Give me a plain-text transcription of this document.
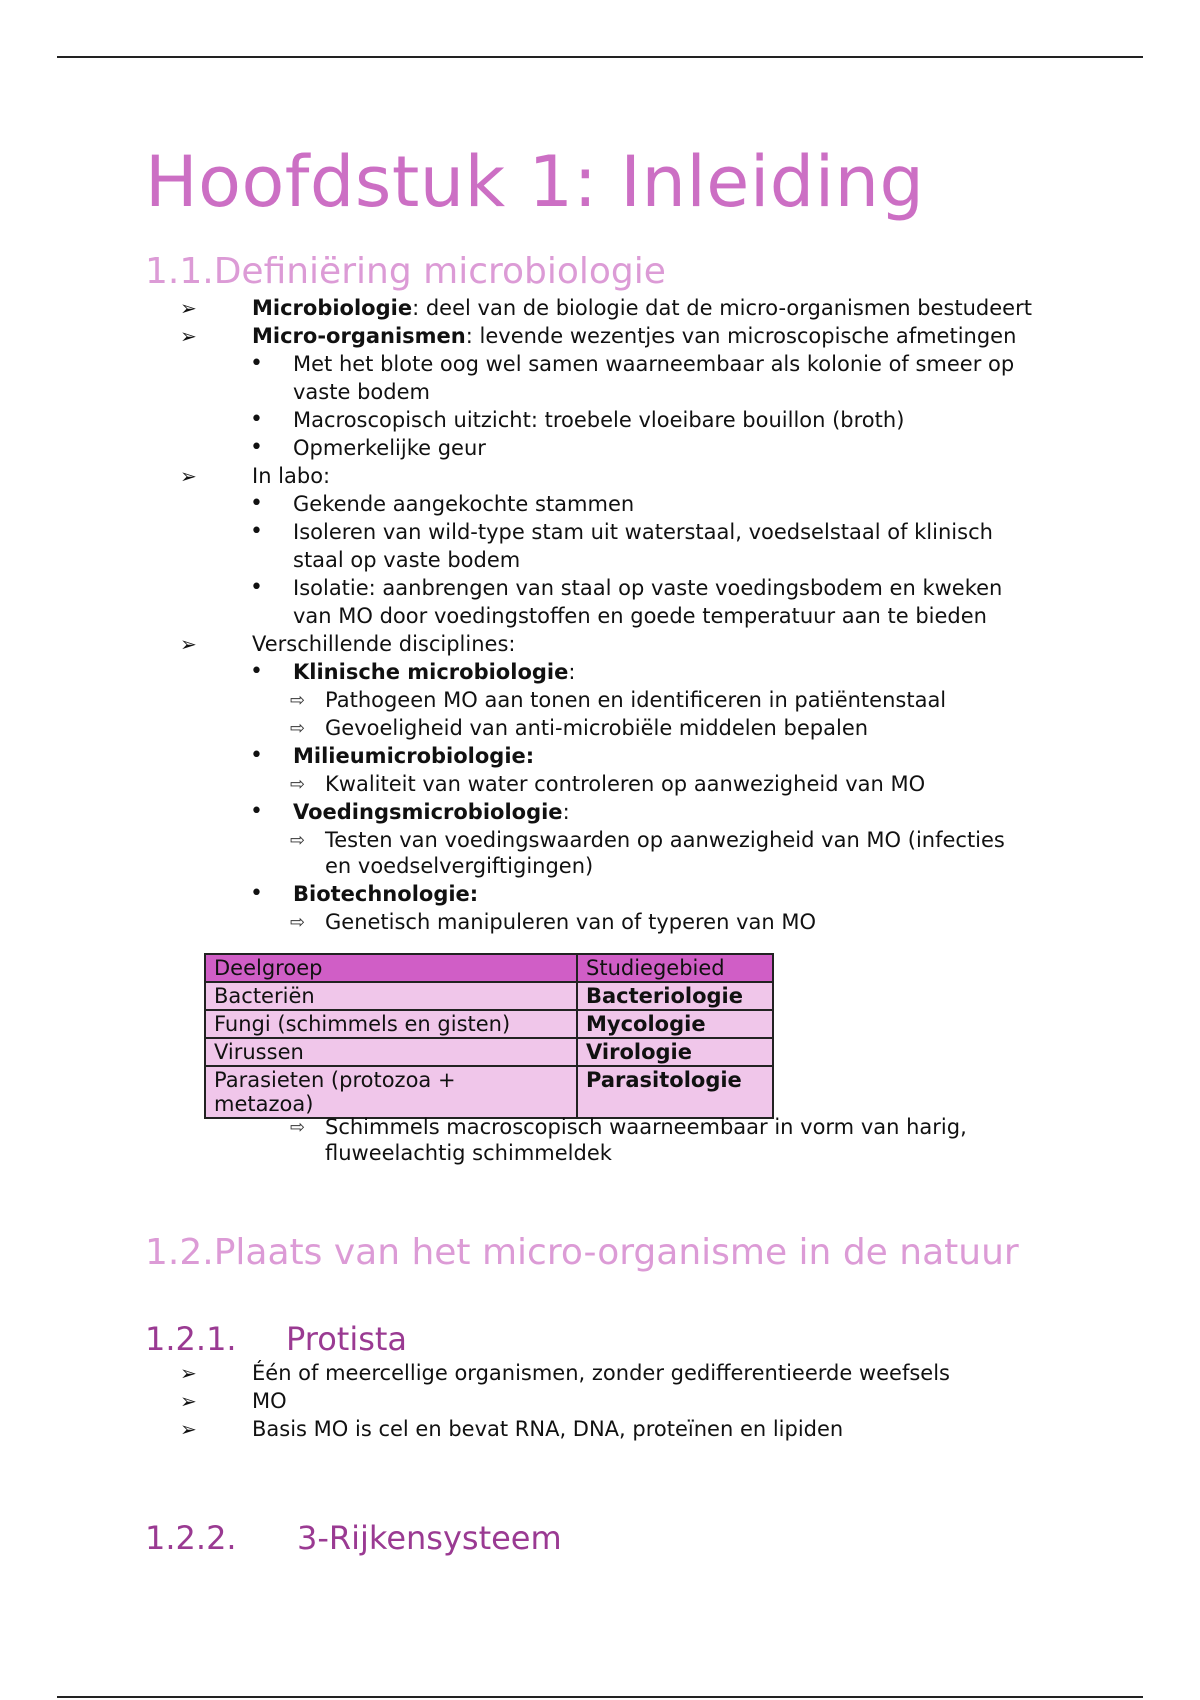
Hoofdstuk 1: Inleiding
1.1.Definiëring microbiologie
➢	Microbiologie: deel van de biologie dat de micro-organismen bestudeert
➢	Micro-organismen: levende wezentjes van microscopische afmetingen
• Met het blote oog wel samen waarneembaar als kolonie of smeer op
vaste bodem
• Macroscopisch uitzicht: troebele vloeibare bouillon (broth)
• Opmerkelijke geur
➢	In labo:
• Gekende aangekochte stammen
• Isoleren van wild-type stam uit waterstaal, voedselstaal of klinisch
staal op vaste bodem
• Isolatie: aanbrengen van staal op vaste voedingsbodem en kweken
van MO door voedingstoffen en goede temperatuur aan te bieden
➢	Verschillende disciplines:
• Klinische microbiologie:
⇨ Pathogeen MO aan tonen en identificeren in patiëntenstaal
⇨ Gevoeligheid van anti-microbiële middelen bepalen
• Milieumicrobiologie:
⇨ Kwaliteit van water controleren op aanwezigheid van MO
• Voedingsmicrobiologie:
⇨ Testen van voedingswaarden op aanwezigheid van MO (infecties
en voedselvergiftigingen)
• Biotechnologie:
⇨ Genetisch manipuleren van of typeren van MO
Deelgroep	Studiegebied
Bacteriën	Bacteriologie
Fungi (schimmels en gisten)	Mycologie
Virussen	Virologie
Parasieten (protozoa +
metazoa)	Parasitologie
⇨ Schimmels macroscopisch waarneembaar in vorm van harig,
fluweelachtig schimmeldek
1.2.Plaats van het micro-organisme in de natuur
1.2.1. Protista
➢	Één of meercellige organismen, zonder gedifferentieerde weefsels
➢	MO
➢	Basis MO is cel en bevat RNA, DNA, proteïnen en lipiden
1.2.2. 3-Rijkensysteem
